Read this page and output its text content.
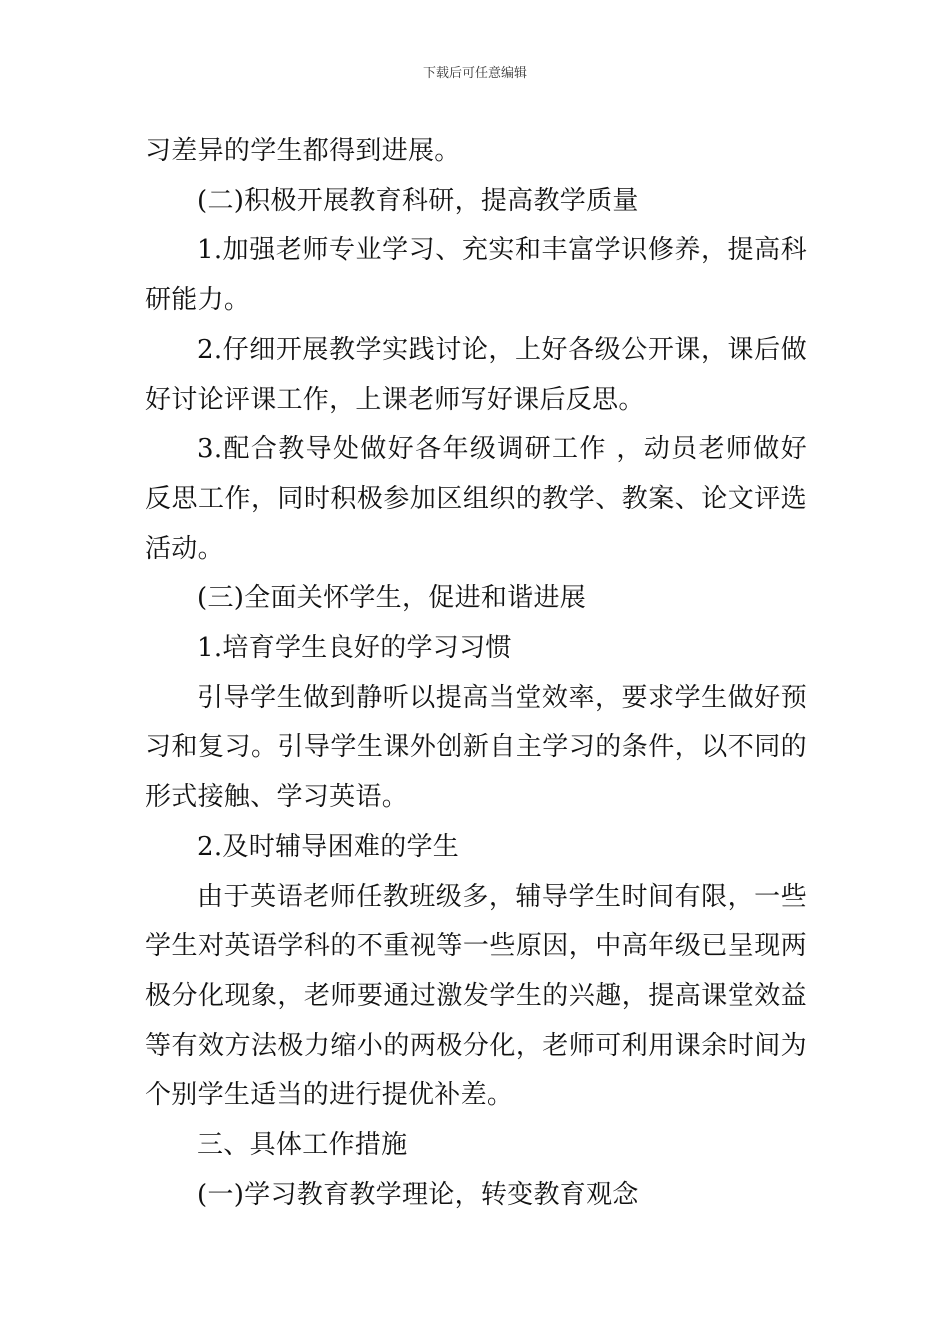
下载后可任意编辑

习差异的学生都得到进展。

(二)积极开展教育科研，提高教学质量

1.加强老师专业学习、充实和丰富学识修养，提高科研能力。

2.仔细开展教学实践讨论，上好各级公开课，课后做好讨论评课工作，上课老师写好课后反思。

3.配合教导处做好各年级调研工作 ，动员老师做好反思工作，同时积极参加区组织的教学、教案、论文评选活动。

(三)全面关怀学生，促进和谐进展

1.培育学生良好的学习习惯

引导学生做到静听以提高当堂效率，要求学生做好预习和复习。引导学生课外创新自主学习的条件，以不同的形式接触、学习英语。

2.及时辅导困难的学生

由于英语老师任教班级多，辅导学生时间有限，一些学生对英语学科的不重视等一些原因，中高年级已呈现两极分化现象，老师要通过激发学生的兴趣，提高课堂效益等有效方法极力缩小的两极分化，老师可利用课余时间为个别学生适当的进行提优补差。

三、具体工作措施

(一)学习教育教学理论，转变教育观念
